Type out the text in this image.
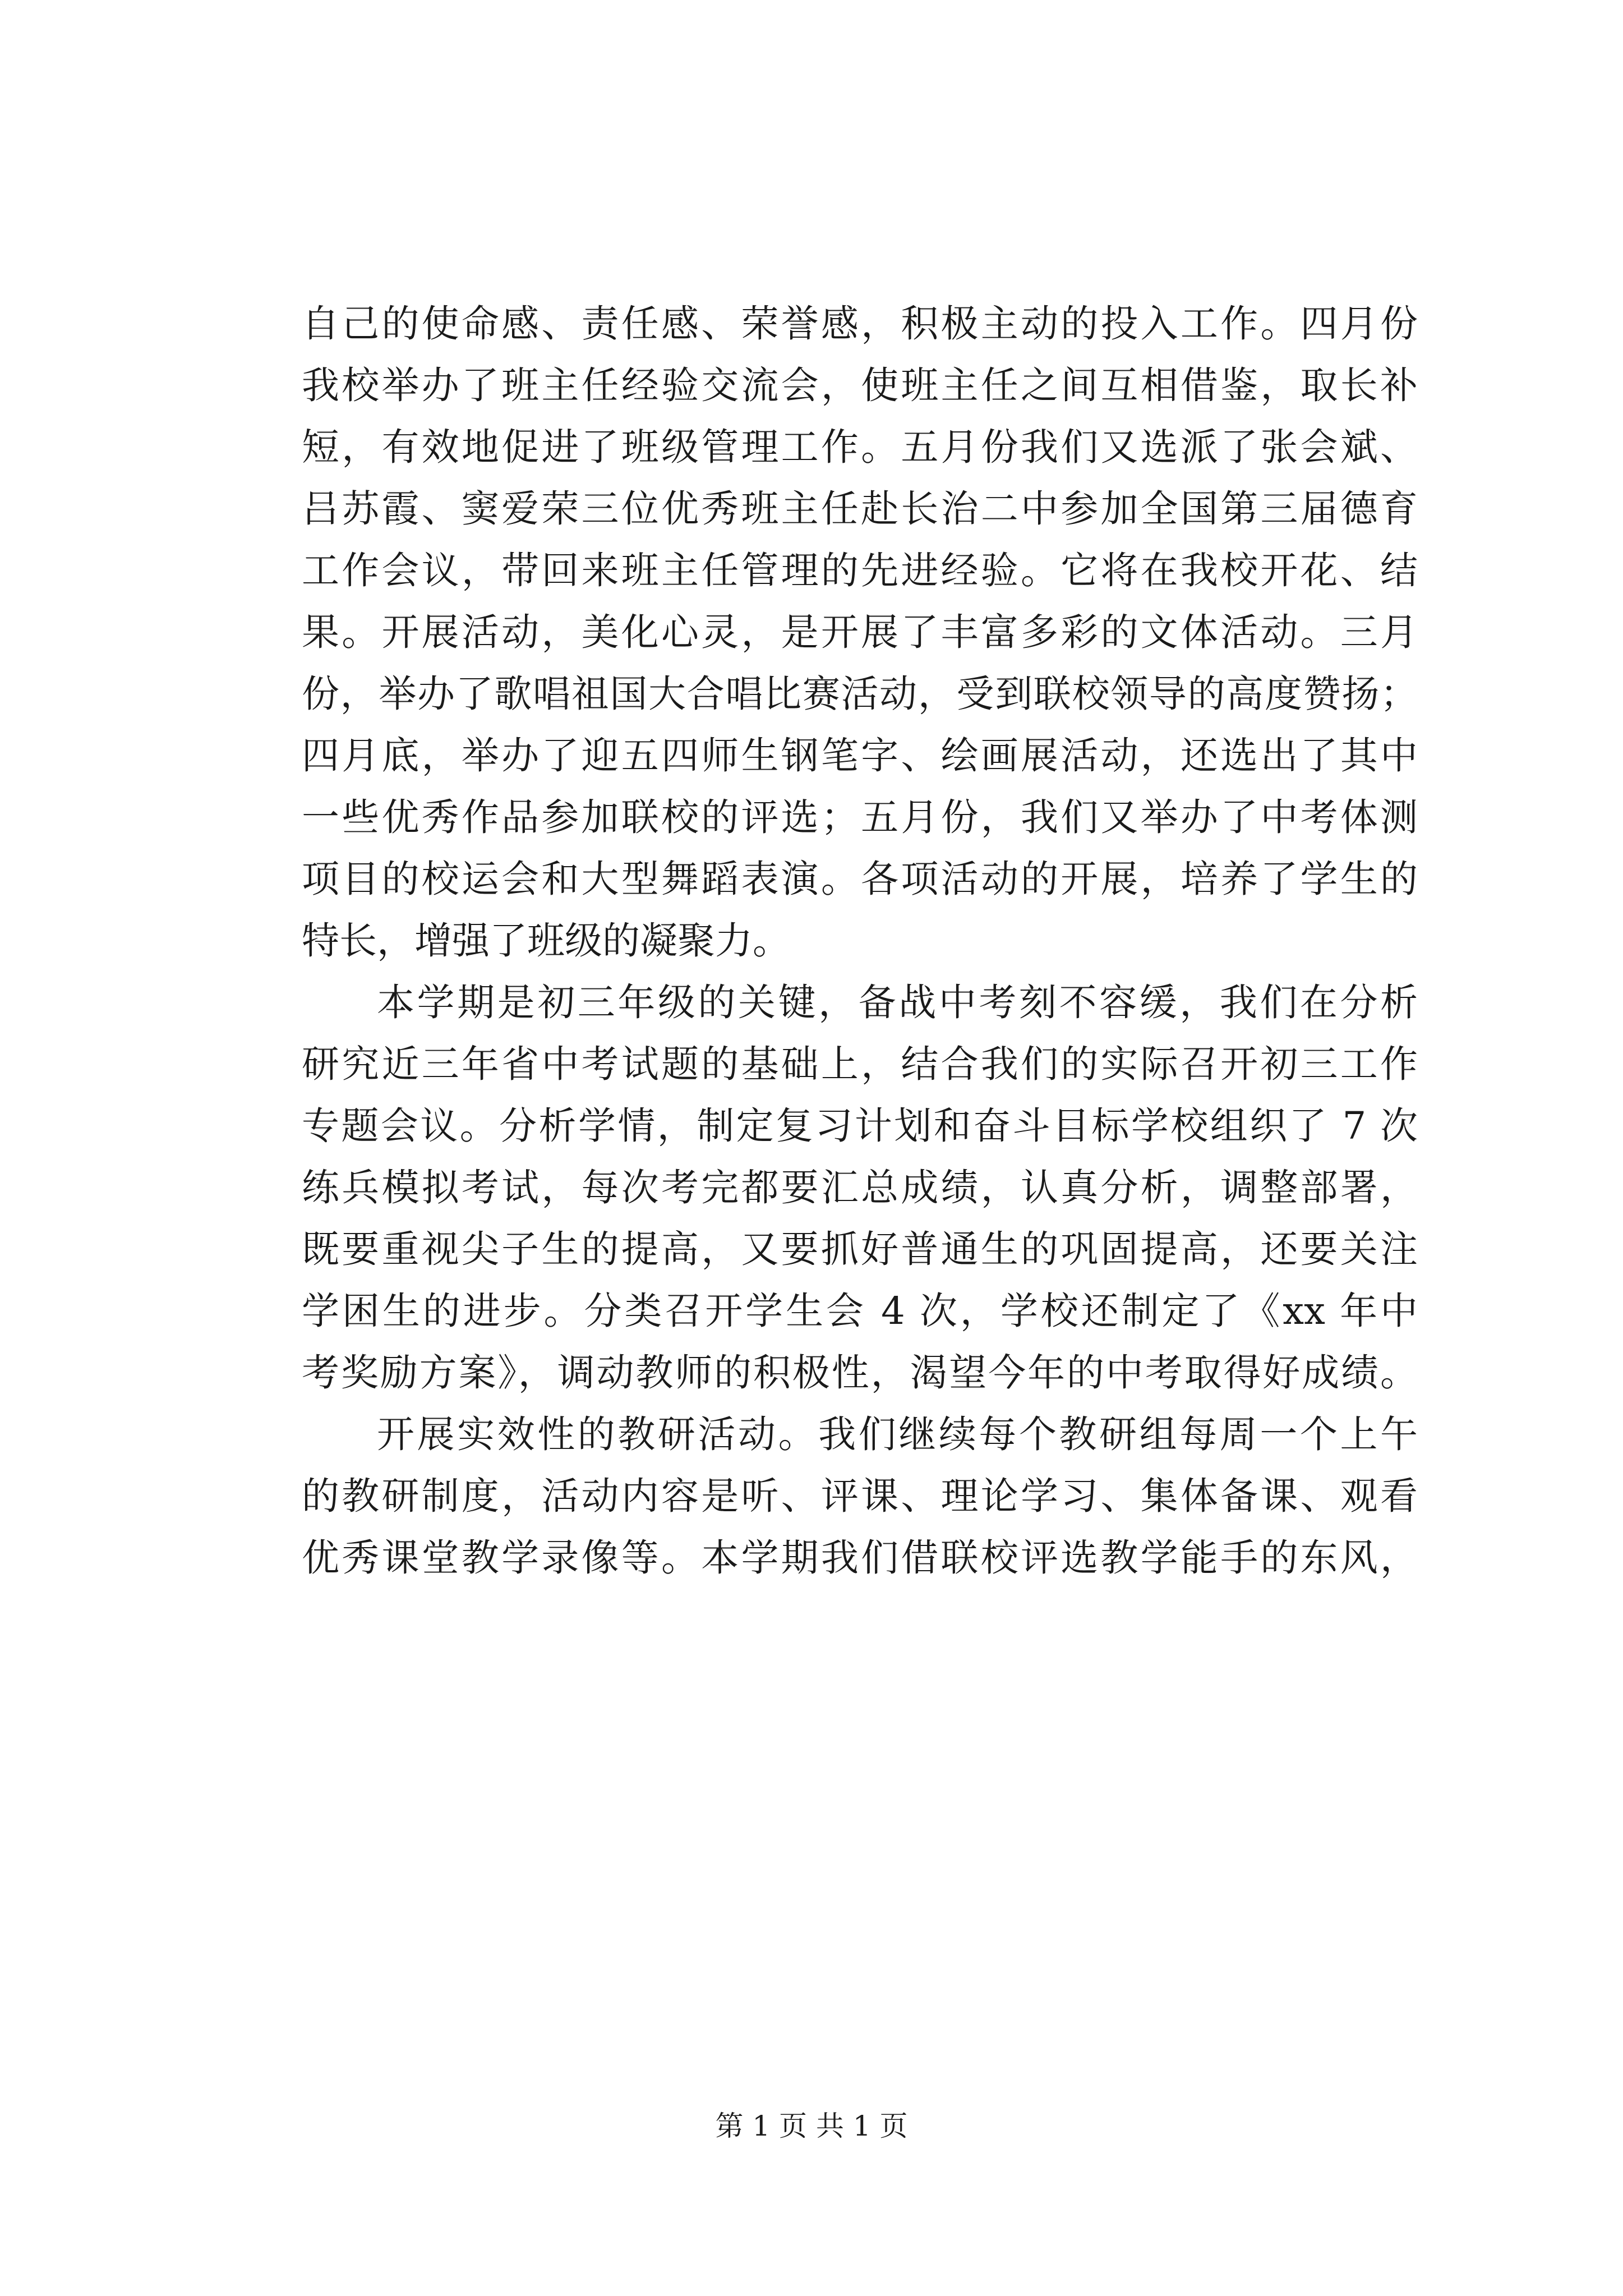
自己的使命感、责任感、荣誉感，积极主动的投入工作。四月份
我校举办了班主任经验交流会，使班主任之间互相借鉴，取长补
短，有效地促进了班级管理工作。五月份我们又选派了张会斌、
吕苏霞、窦爱荣三位优秀班主任赴长治二中参加全国第三届德育
工作会议，带回来班主任管理的先进经验。它将在我校开花、结
果。开展活动，美化心灵，是开展了丰富多彩的文体活动。三月
份，举办了歌唱祖国大合唱比赛活动，受到联校领导的高度赞扬；
四月底，举办了迎五四师生钢笔字、绘画展活动，还选出了其中
一些优秀作品参加联校的评选；五月份，我们又举办了中考体测
项目的校运会和大型舞蹈表演。各项活动的开展，培养了学生的
特长，增强了班级的凝聚力。
本学期是初三年级的关键，备战中考刻不容缓，我们在分析
研究近三年省中考试题的基础上，结合我们的实际召开初三工作
专题会议。分析学情，制定复习计划和奋斗目标学校组织了 7 次
练兵模拟考试，每次考完都要汇总成绩，认真分析，调整部署，
既要重视尖子生的提高，又要抓好普通生的巩固提高，还要关注
学困生的进步。分类召开学生会 4 次，学校还制定了《xx 年中
考奖励方案》，调动教师的积极性，渴望今年的中考取得好成绩。
开展实效性的教研活动。我们继续每个教研组每周一个上午
的教研制度，活动内容是听、评课、理论学习、集体备课、观看
优秀课堂教学录像等。本学期我们借联校评选教学能手的东风，
第 1 页 共 1 页
